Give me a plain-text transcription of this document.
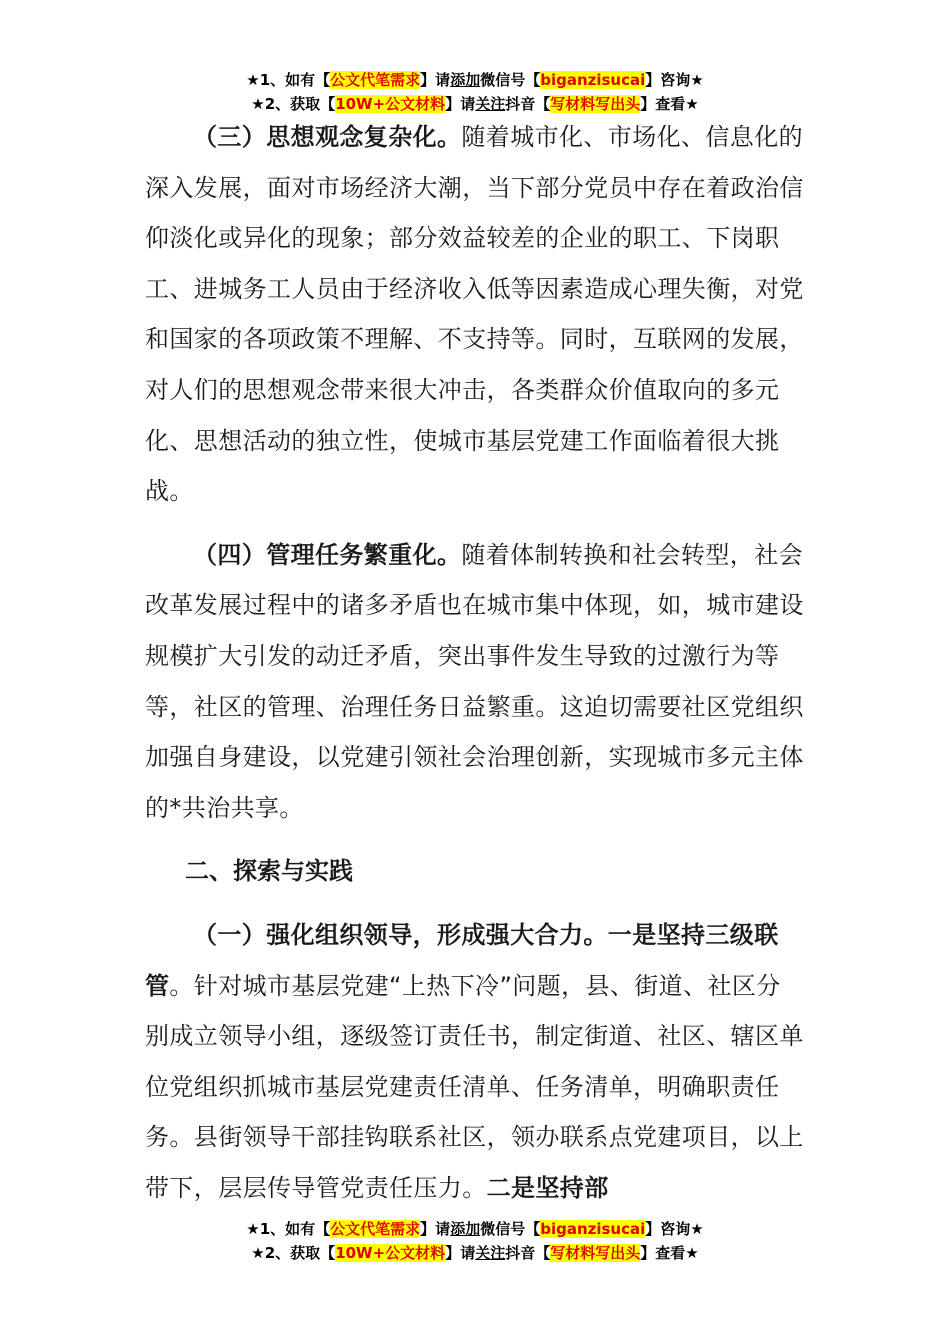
★1、如有【公文代笔需求】请添加微信号【biganzisucai】咨询★
★2、获取【10W+公文材料】请关注抖音【写材料写出头】查看★

（三）思想观念复杂化。随着城市化、市场化、信息化的深入发展，面对市场经济大潮，当下部分党员中存在着政治信仰淡化或异化的现象；部分效益较差的企业的职工、下岗职工、进城务工人员由于经济收入低等因素造成心理失衡，对党和国家的各项政策不理解、不支持等。同时，互联网的发展，对人们的思想观念带来很大冲击，各类群众价值取向的多元化、思想活动的独立性，使城市基层党建工作面临着很大挑战。

（四）管理任务繁重化。随着体制转换和社会转型，社会改革发展过程中的诸多矛盾也在城市集中体现，如，城市建设规模扩大引发的动迁矛盾，突出事件发生导致的过激行为等等，社区的管理、治理任务日益繁重。这迫切需要社区党组织加强自身建设，以党建引领社会治理创新，实现城市多元主体的*共治共享。

二、探索与实践

（一）强化组织领导，形成强大合力。一是坚持三级联管。针对城市基层党建“上热下冷”问题，县、街道、社区分别成立领导小组，逐级签订责任书，制定街道、社区、辖区单位党组织抓城市基层党建责任清单、任务清单，明确职责任务。县街领导干部挂钩联系社区，领办联系点党建项目，以上带下，层层传导管党责任压力。二是坚持部

★1、如有【公文代笔需求】请添加微信号【biganzisucai】咨询★
★2、获取【10W+公文材料】请关注抖音【写材料写出头】查看★
